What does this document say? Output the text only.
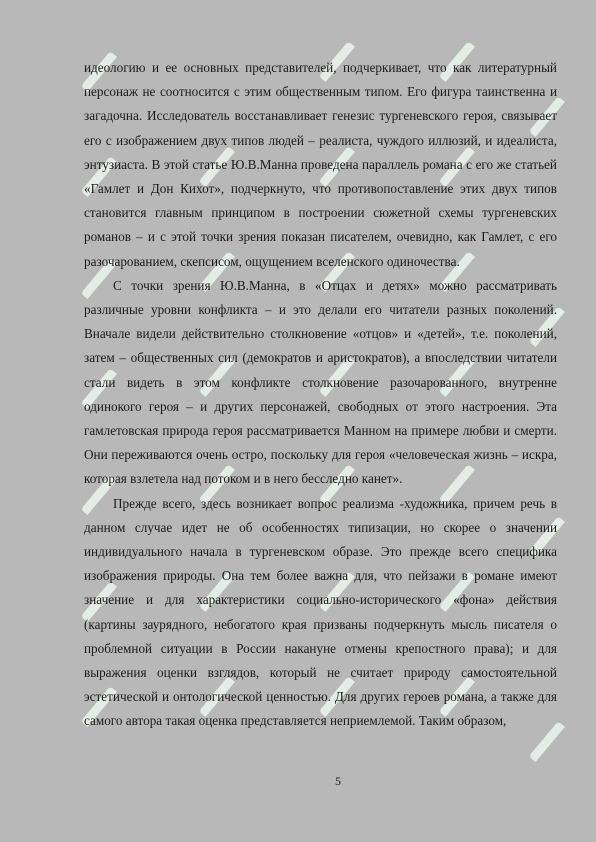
идеологию и ее основных представителей, подчеркивает, что как литературный персонаж не соотносится с этим общественным типом. Его фигура таинственна и загадочна. Исследователь восстанавливает генезис тургеневского героя, связывает его с изображением двух типов людей – реалиста, чуждого иллюзий, и идеалиста, энтузиаста. В этой статье Ю.В.Манна проведена параллель романа с его же статьей «Гамлет и Дон Кихот», подчеркнуто, что противопоставление этих двух типов становится главным принципом в построении сюжетной схемы тургеневских романов – и с этой точки зрения показан писателем, очевидно, как Гамлет, с его разочарованием, скепсисом, ощущением вселенского одиночества.

С точки зрения Ю.В.Манна, в «Отцах и детях» можно рассматривать различные уровни конфликта – и это делали его читатели разных поколений. Вначале видели действительно столкновение «отцов» и «детей», т.е. поколений, затем – общественных сил (демократов и аристократов), а впоследствии читатели стали видеть в этом конфликте столкновение разочарованного, внутренне одинокого героя – и других персонажей, свободных от этого настроения. Эта гамлетовская природа героя рассматривается Манном на примере любви и смерти. Они переживаются очень остро, поскольку для героя «человеческая жизнь – искра, которая взлетела над потоком и в него бесследно канет».

Прежде всего, здесь возникает вопрос реализма -художника, причем речь в данном случае идет не об особенностях типизации, но скорее о значении индивидуального начала в тургеневском образе. Это прежде всего специфика изображения природы. Она тем более важна для, что пейзажи в романе имеют значение и для характеристики социально-исторического «фона» действия (картины заурядного, небогатого края призваны подчеркнуть мысль писателя о проблемной ситуации в России накануне отмены крепостного права); и для выражения оценки взглядов, который не считает природу самостоятельной эстетической и онтологической ценностью. Для других героев романа, а также для самого автора такая оценка представляется неприемлемой. Таким образом,

5
